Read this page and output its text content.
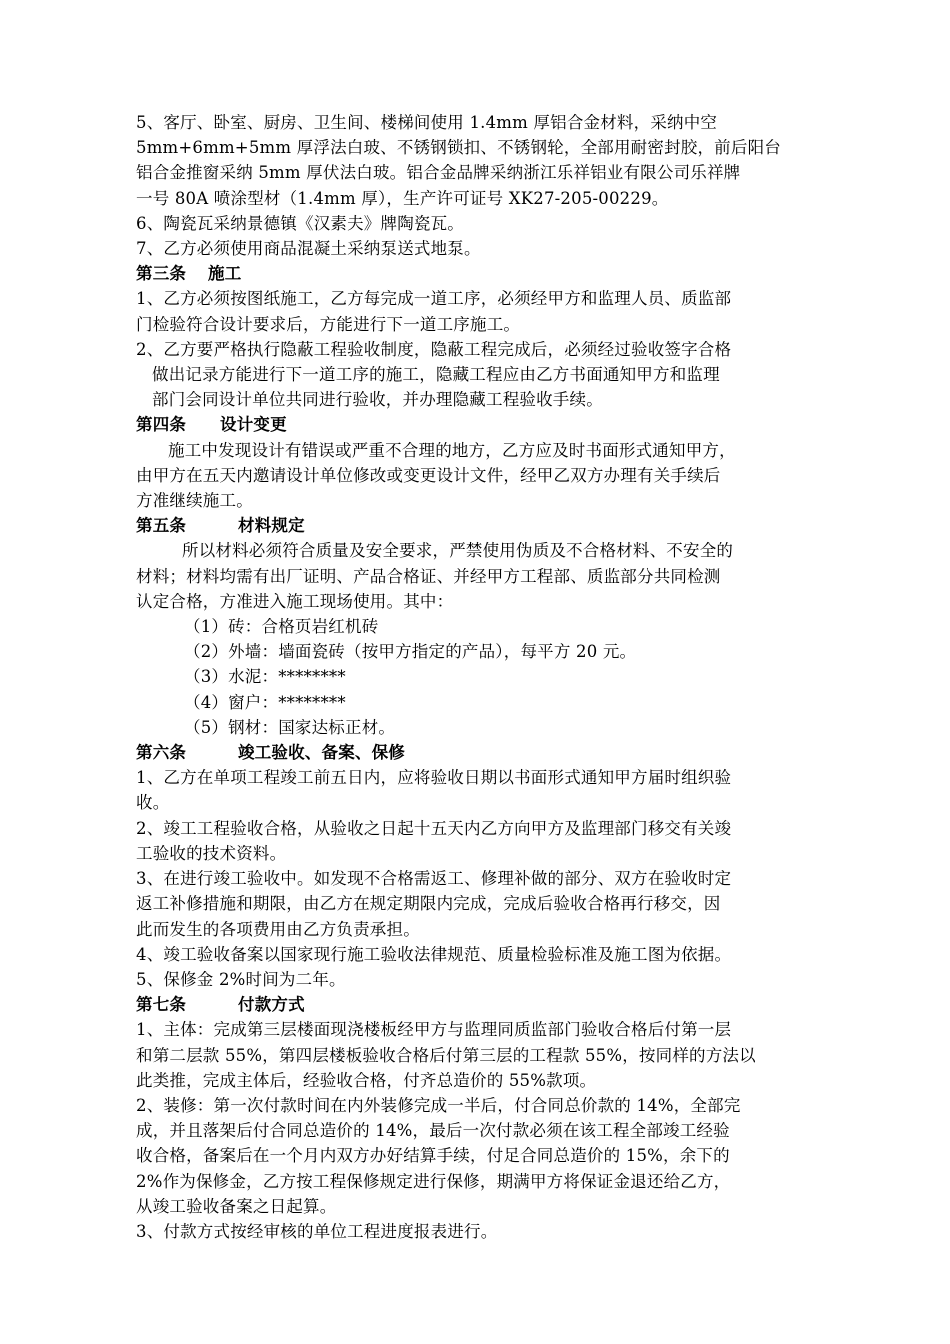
5、客厅、卧室、厨房、卫生间、楼梯间使用 1.4mm 厚铝合金材料，采纳中空

5mm+6mm+5mm 厚浮法白玻、不锈钢锁扣、不锈钢轮，全部用耐密封胶，前后阳台

铝合金推窗采纳 5mm 厚伏法白玻。铝合金品牌采纳浙江乐祥铝业有限公司乐祥牌

一号 80A 喷涂型材（1.4mm 厚），生产许可证号 XK27-205-00229。

6、陶瓷瓦采纳景德镇《汉素夫》牌陶瓷瓦。

7、乙方必须使用商品混凝土采纳泵送式地泵。

第三条 施工

1、乙方必须按图纸施工，乙方每完成一道工序，必须经甲方和监理人员、质监部

门检验符合设计要求后，方能进行下一道工序施工。

2、乙方要严格执行隐蔽工程验收制度，隐蔽工程完成后，必须经过验收签字合格

做出记录方能进行下一道工序的施工，隐藏工程应由乙方书面通知甲方和监理

部门会同设计单位共同进行验收，并办理隐藏工程验收手续。

第四条 设计变更

施工中发现设计有错误或严重不合理的地方，乙方应及时书面形式通知甲方，

由甲方在五天内邀请设计单位修改或变更设计文件，经甲乙双方办理有关手续后

方准继续施工。

第五条	材料规定

所以材料必须符合质量及安全要求，严禁使用伪质及不合格材料、不安全的

材料；材料均需有出厂证明、产品合格证、并经甲方工程部、质监部分共同检测

认定合格，方准进入施工现场使用。其中：

（1）砖：合格页岩红机砖

（2）外墙：墙面瓷砖（按甲方指定的产品），每平方 20 元。

（3）水泥：********

（4）窗户：********

（5）钢材：国家达标正材。

第六条	竣工验收、备案、保修

1、乙方在单项工程竣工前五日内，应将验收日期以书面形式通知甲方届时组织验

收。

2、竣工工程验收合格，从验收之日起十五天内乙方向甲方及监理部门移交有关竣

工验收的技术资料。

3、在进行竣工验收中。如发现不合格需返工、修理补做的部分、双方在验收时定

返工补修措施和期限，由乙方在规定期限内完成，完成后验收合格再行移交，因

此而发生的各项费用由乙方负责承担。

4、竣工验收备案以国家现行施工验收法律规范、质量检验标准及施工图为依据。

5、保修金 2%时间为二年。

第七条	付款方式

1、主体：完成第三层楼面现浇楼板经甲方与监理同质监部门验收合格后付第一层

和第二层款 55%，第四层楼板验收合格后付第三层的工程款 55%，按同样的方法以

此类推，完成主体后，经验收合格，付齐总造价的 55%款项。

2、装修：第一次付款时间在内外装修完成一半后，付合同总价款的 14%，全部完

成，并且落架后付合同总造价的 14%，最后一次付款必须在该工程全部竣工经验

收合格，备案后在一个月内双方办好结算手续，付足合同总造价的 15%，余下的

2%作为保修金，乙方按工程保修规定进行保修，期满甲方将保证金退还给乙方，

从竣工验收备案之日起算。

3、付款方式按经审核的单位工程进度报表进行。
